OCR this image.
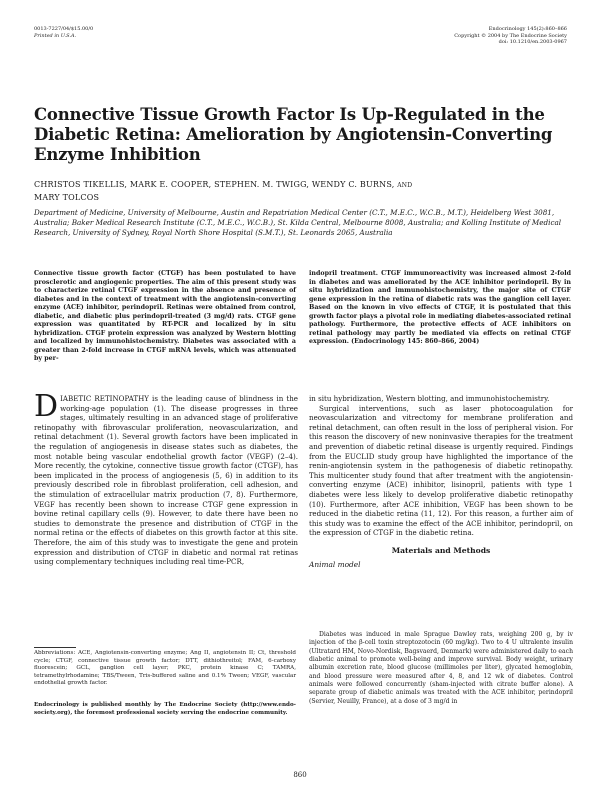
0013-7227/04/$15.00/0
Printed in U.S.A.
Endocrinology 145(2):860–866
Copyright © 2004 by The Endocrine Society
doi: 10.1210/en.2003-0967
Connective Tissue Growth Factor Is Up-Regulated in the Diabetic Retina: Amelioration by Angiotensin-Converting Enzyme Inhibition
CHRISTOS TIKELLIS, MARK E. COOPER, STEPHEN. M. TWIGG, WENDY C. BURNS, AND
MARY TOLCOS

Department of Medicine, University of Melbourne, Austin and Repatriation Medical Center (C.T., M.E.C., W.C.B., M.T.), Heidelberg West 3081, Australia; Baker Medical Research Institute (C.T., M.E.C., W.C.B.), St. Kilda Central, Melbourne 8008, Australia; and Kolling Institute of Medical Research, University of Sydney, Royal North Shore Hospital (S.M.T.), St. Leonards 2065, Australia

Connective tissue growth factor (CTGF) has been postulated to have prosclerotic and angiogenic properties. The aim of this present study was to characterize retinal CTGF expression in the absence and presence of diabetes and in the context of treatment with the angiotensin-converting enzyme (ACE) inhibitor, perindopril. Retinas were obtained from control, diabetic, and diabetic plus perindopril-treated (3 mg/d) rats. CTGF gene expression was quantitated by RT-PCR and localized by in situ hybridization. CTGF protein expression was analyzed by Western blotting and localized by immunohistochemistry. Diabetes was associated with a greater than 2-fold increase in CTGF mRNA levels, which was attenuated by per-

indopril treatment. CTGF immunoreactivity was increased almost 2-fold in diabetes and was ameliorated by the ACE inhibitor perindopril. By in situ hybridization and immunohistochemistry, the major site of CTGF gene expression in the retina of diabetic rats was the ganglion cell layer. Based on the known in vivo effects of CTGF, it is postulated that this growth factor plays a pivotal role in mediating diabetes-associated retinal pathology. Furthermore, the protective effects of ACE inhibitors on retinal pathology may partly be mediated via effects on retinal CTGF expression. (Endocrinology 145: 860–866, 2004)

DIABETIC RETINOPATHY is the leading cause of blindness in the working-age population (1). The disease progresses in three stages, ultimately resulting in an advanced stage of proliferative retinopathy with fibrovascular proliferation, neovascularization, and retinal detachment (1). Several growth factors have been implicated in the regulation of angiogenesis in disease states such as diabetes, the most notable being vascular endothelial growth factor (VEGF) (2–4). More recently, the cytokine, connective tissue growth factor (CTGF), has been implicated in the process of angiogenesis (5, 6) in addition to its previously described role in fibroblast proliferation, cell adhesion, and the stimulation of extracellular matrix production (7, 8). Furthermore, VEGF has recently been shown to increase CTGF gene expression in bovine retinal capillary cells (9). However, to date there have been no studies to demonstrate the presence and distribution of CTGF in the normal retina or the effects of diabetes on this growth factor at this site. Therefore, the aim of this study was to investigate the gene and protein expression and distribution of CTGF in diabetic and normal rat retinas using complementary techniques including real time-PCR,

in situ hybridization, Western blotting, and immunohistochemistry.

Surgical interventions, such as laser photocoagulation for neovascularization and vitrectomy for membrane proliferation and retinal detachment, can often result in the loss of peripheral vision. For this reason the discovery of new noninvasive therapies for the treatment and prevention of diabetic retinal disease is urgently required. Findings from the EUCLID study group have highlighted the importance of the renin-angiotensin system in the pathogenesis of diabetic retinopathy. This multicenter study found that after treatment with the angiotensin-converting enzyme (ACE) inhibitor, lisinopril, patients with type 1 diabetes were less likely to develop proliferative diabetic retinopathy (10). Furthermore, after ACE inhibition, VEGF has been shown to be reduced in the diabetic retina (11, 12). For this reason, a further aim of this study was to examine the effect of the ACE inhibitor, perindopril, on the expression of CTGF in the diabetic retina.

Materials and Methods
Animal model

Diabetes was induced in male Sprague Dawley rats, weighing 200 g, by iv injection of the β-cell toxin streptozotocin (60 mg/kg). Two to 4 U ultralente insulin (Ultratard HM, Novo-Nordisk, Bagsvaerd, Denmark) were administered daily to each diabetic animal to promote well-being and improve survival. Body weight, urinary albumin excretion rate, blood glucose (millimoles per liter), glycated hemoglobin, and blood pressure were measured after 4, 8, and 12 wk of diabetes. Control animals were followed concurrently (sham-injected with citrate buffer alone). A separate group of diabetic animals was treated with the ACE inhibitor, perindopril (Servier, Neuilly, France), at a dose of 3 mg/d in

Abbreviations: ACE, Angiotensin-converting enzyme; Ang II, angiotensin II; Ct, threshold cycle; CTGF, connective tissue growth factor; DTT, dithiothreitol; FAM, 6-carboxy fluorescein; GCL, ganglion cell layer; PKC, protein kinase C; TAMRA, tetramethylrhodamine; TBS/Tween, Tris-buffered saline and 0.1% Tween; VEGF, vascular endothelial growth factor.

Endocrinology is published monthly by The Endocrine Society (http://www.endo-society.org), the foremost professional society serving the endocrine community.

860
